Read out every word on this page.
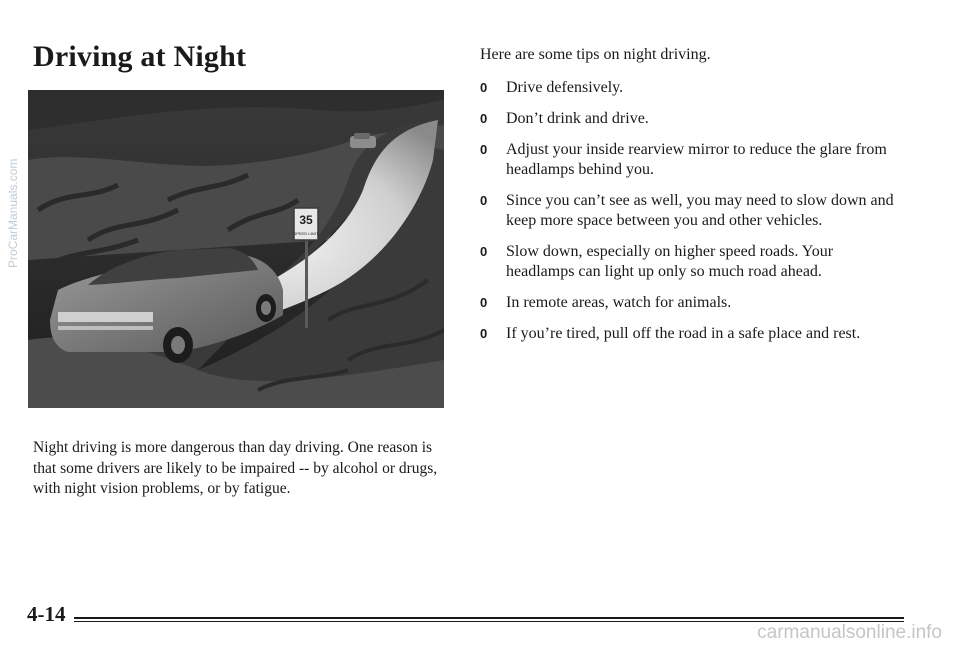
Driving at Night
35
SPEED LIMIT

Night driving is more dangerous than day driving. One reason is that some drivers are likely to be impaired -- by alcohol or drugs, with night vision problems, or by fatigue.

Here are some tips on night driving.

0 Drive defensively.
0 Don’t drink and drive.
0 Adjust your inside rearview mirror to reduce the glare from headlamps behind you.
0 Since you can’t see as well, you may need to slow down and keep more space between you and other vehicles.
0 Slow down, especially on higher speed roads. Your headlamps can light up only so much road ahead.
0 In remote areas, watch for animals.
0 If you’re tired, pull off the road in a safe place and rest.

4-14

ProCarManuals.com
carmanualsonline.info
